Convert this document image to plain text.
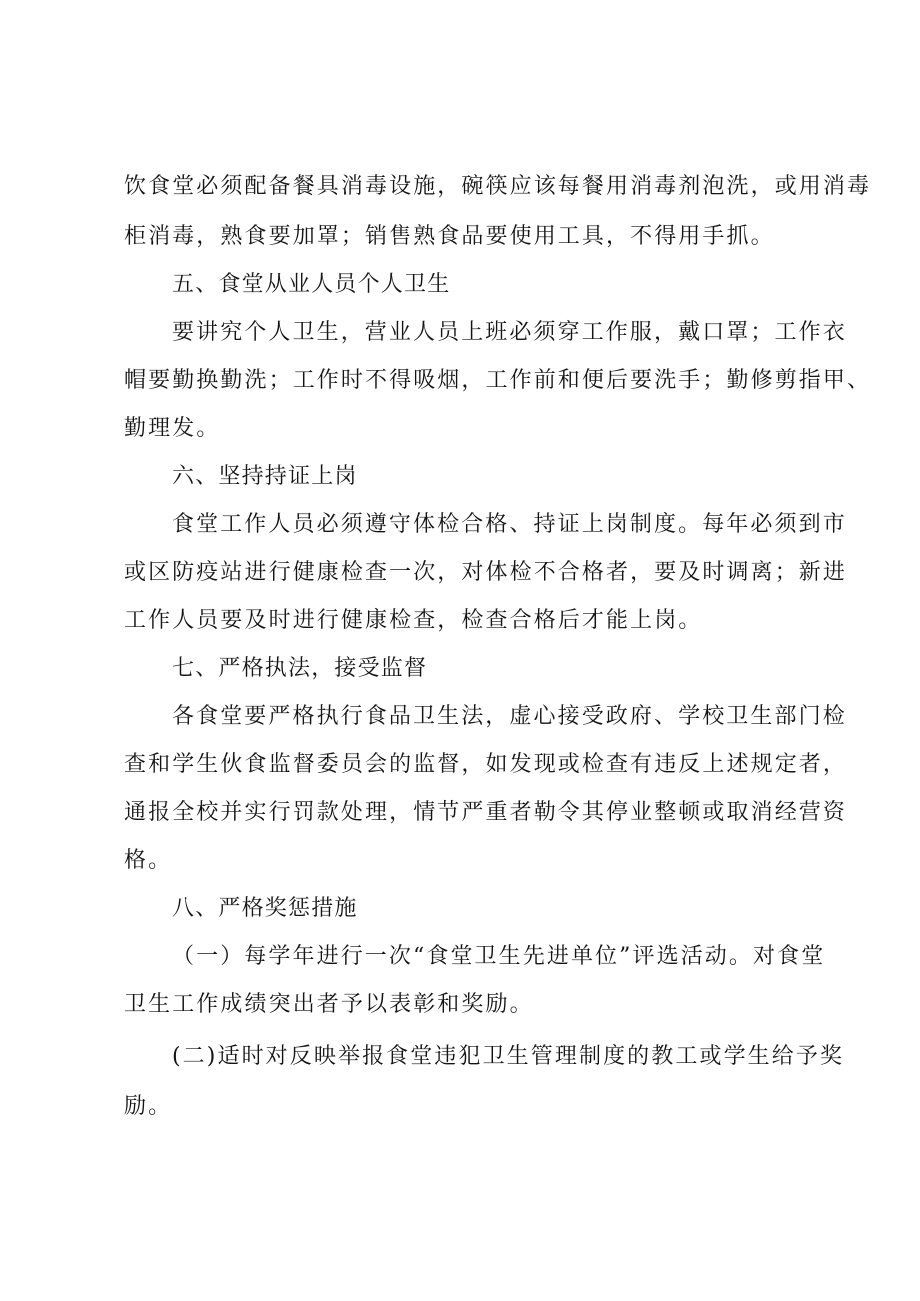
饮食堂必须配备餐具消毒设施，碗筷应该每餐用消毒剂泡洗，或用消毒
柜消毒，熟食要加罩；销售熟食品要使用工具，不得用手抓。
五、食堂从业人员个人卫生
要讲究个人卫生，营业人员上班必须穿工作服，戴口罩；工作衣
帽要勤换勤洗；工作时不得吸烟，工作前和便后要洗手；勤修剪指甲、
勤理发。
六、坚持持证上岗
食堂工作人员必须遵守体检合格、持证上岗制度。每年必须到市
或区防疫站进行健康检查一次，对体检不合格者，要及时调离；新进
工作人员要及时进行健康检查，检查合格后才能上岗。
七、严格执法，接受监督
各食堂要严格执行食品卫生法，虚心接受政府、学校卫生部门检
查和学生伙食监督委员会的监督，如发现或检查有违反上述规定者，
通报全校并实行罚款处理，情节严重者勒令其停业整顿或取消经营资
格。
八、严格奖惩措施
（一）每学年进行一次“食堂卫生先进单位”评选活动。对食堂
卫生工作成绩突出者予以表彰和奖励。
(二)适时对反映举报食堂违犯卫生管理制度的教工或学生给予奖
励。
